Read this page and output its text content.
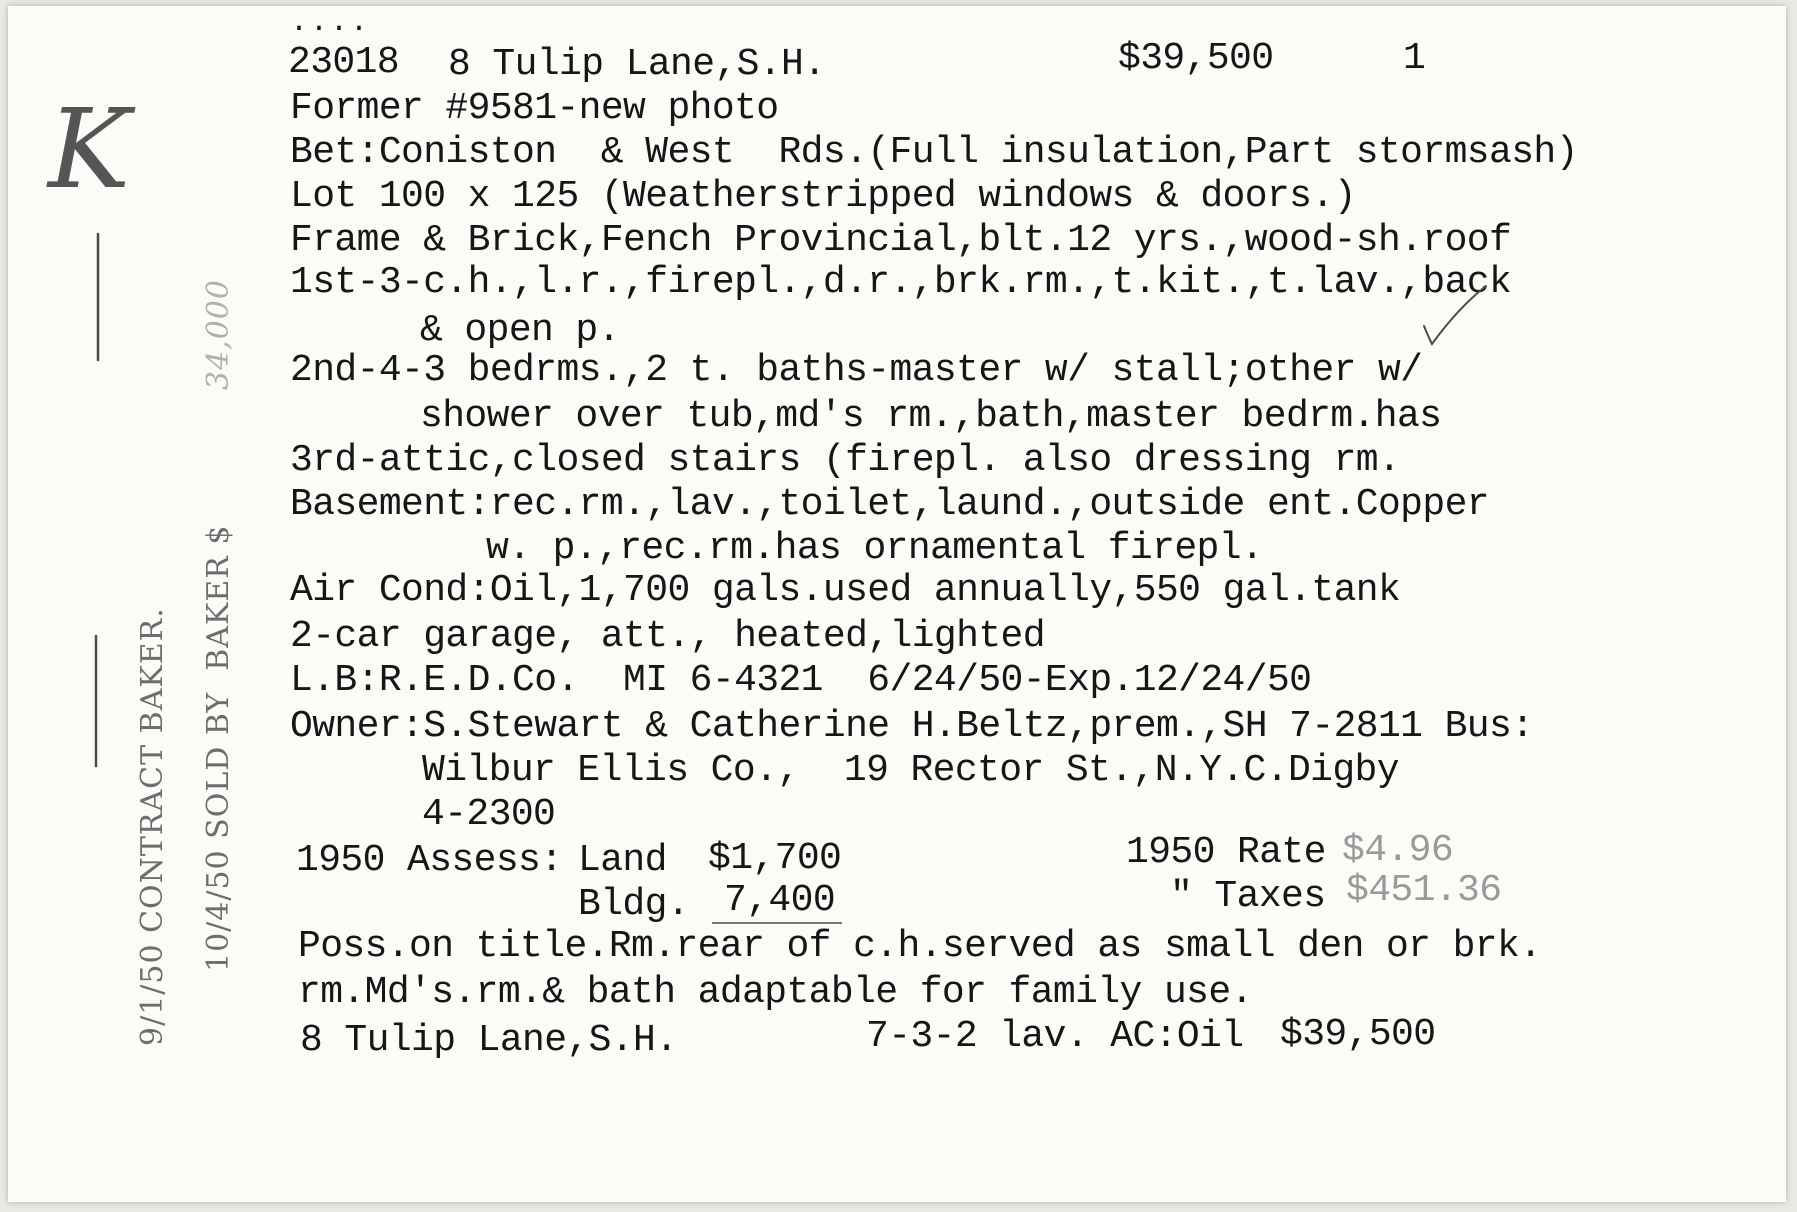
....
23018 8 Tulip Lane,S.H.	$39,500	1
Former #9581-new photo
Bet:Coniston  & West  Rds.(Full insulation,Part stormsash)
Lot 100 x 125 (Weatherstripped windows & doors.)
Frame & Brick,Fench Provincial,blt.12 yrs.,wood-sh.roof
1st-3-c.h.,l.r.,firepl.,d.r.,brk.rm.,t.kit.,t.lav.,back
& open p.
2nd-4-3 bedrms.,2 t. baths-master w/ stall;other w/
shower over tub,md's rm.,bath,master bedrm.has
3rd-attic,closed stairs (firepl. also dressing rm.
Basement:rec.rm.,lav.,toilet,laund.,outside ent.Copper
w. p.,rec.rm.has ornamental firepl.
Air Cond:Oil,1,700 gals.used annually,550 gal.tank
2-car garage, att., heated,lighted
L.B:R.E.D.Co.  MI 6-4321  6/24/50-Exp.12/24/50
Owner:S.Stewart & Catherine H.Beltz,prem.,SH 7-2811 Bus:
Wilbur Ellis Co.,  19 Rector St.,N.Y.C.Digby
4-2300
1950 Assess: Land $1,700
Bldg. 7,400
1950 Rate $4.96
" Taxes $451.36
Poss.on title.Rm.rear of c.h.served as small den or brk.
rm.Md's.rm.& bath adaptable for family use.
8 Tulip Lane,S.H.	7-3-2 lav. AC:Oil $39,500
9/1/50 CONTRACT BAKER. 10/4/50 SOLD BY  BAKER $
34,000
K
